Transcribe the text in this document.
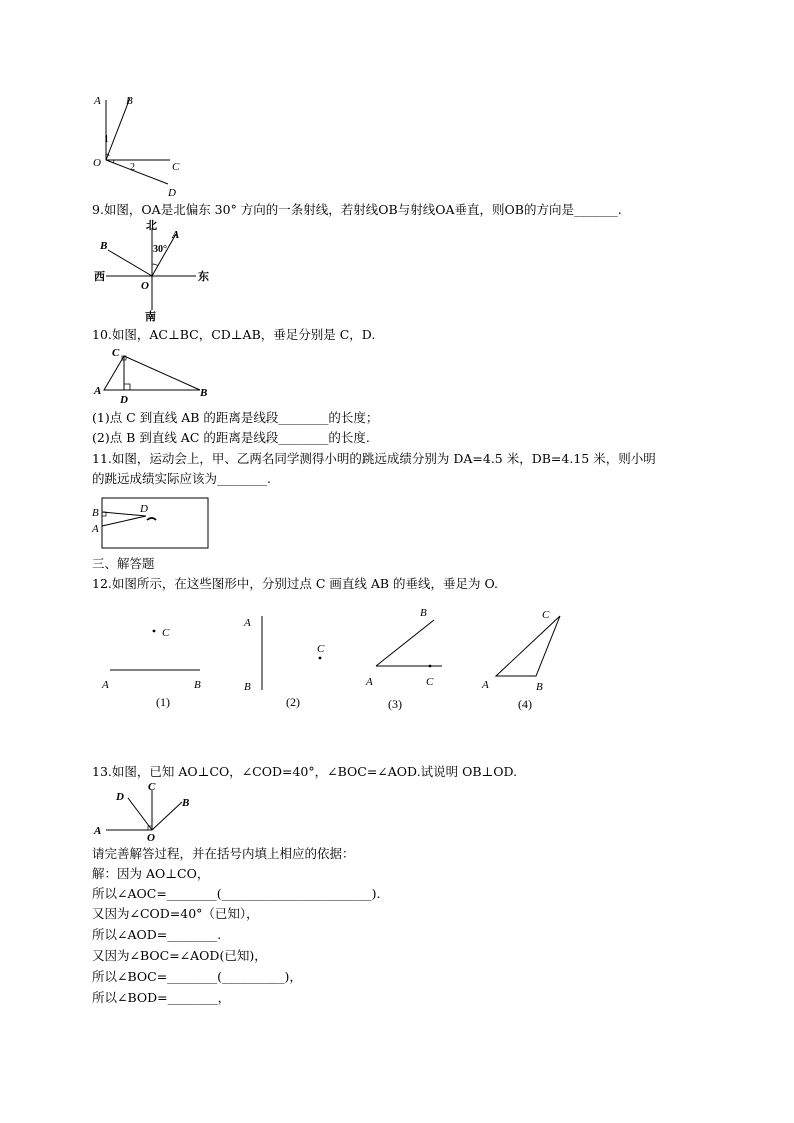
A B
O	C
D
1
2
9.如图，OA是北偏东 30° 方向的一条射线，若射线OB与射线OA垂直，则OB的方向是_______.
北
南
西	东
A
B
O
30°
10.如图，AC⊥BC，CD⊥AB，垂足分别是 C，D.
C
A
D
B
(1)点 C 到直线 AB 的距离是线段________的长度；
(2)点 B 到直线 AC 的距离是线段________的长度.
11.如图，运动会上，甲、乙两名同学测得小明的跳远成绩分别为 DA=4.5 米，DB=4.15 米，则小明
的跳远成绩实际应该为________.
B
A
D
三、解答题
12.如图所示，在这些图形中，分别过点 C 画直线 AB 的垂线，垂足为 O.
C
A	B
(1)
C
A
B
(2)
B
A	C
(3)
C
A	B
(4)
13.如图，已知 AO⊥CO，∠COD=40°，∠BOC=∠AOD.试说明 OB⊥OD.
C
D	B
A
O
请完善解答过程，并在括号内填上相应的依据：
解：因为 AO⊥CO，
所以∠AOC=________(________________________).
又因为∠COD=40°（已知），
所以∠AOD=________.
又因为∠BOC=∠AOD(已知)，
所以∠BOC=________(__________)，
所以∠BOD=________，
